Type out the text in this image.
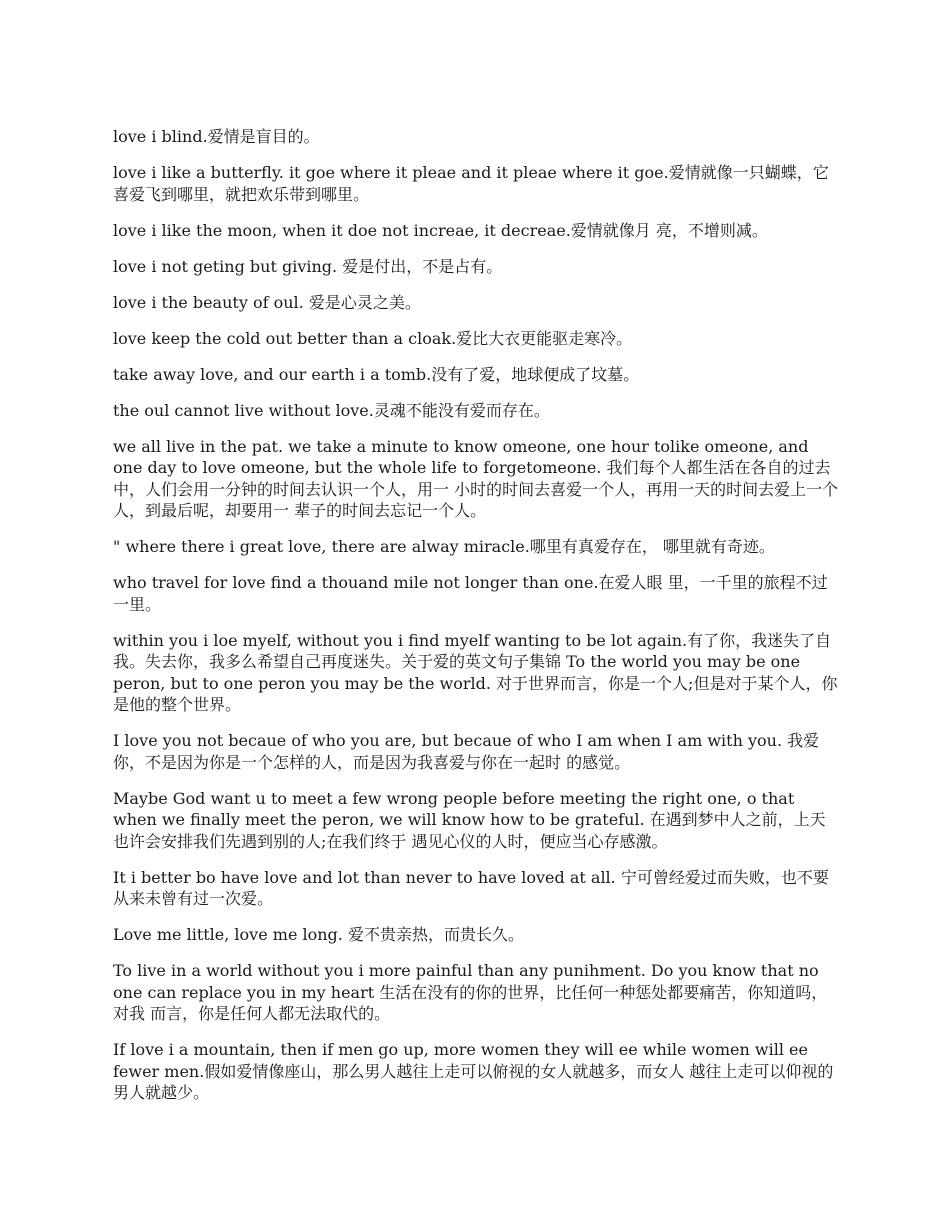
love i blind.爱情是盲目的。

love i like a butterfly. it goe where it pleae and it pleae where it goe.爱情就像一只蝴蝶，它喜爱飞到哪里，就把欢乐带到哪里。

love i like the moon, when it doe not increae, it decreae.爱情就像月 亮，不增则减。

love i not geting but giving. 爱是付出，不是占有。

love i the beauty of oul. 爱是心灵之美。

love keep the cold out better than a cloak.爱比大衣更能驱走寒冷。

take away love, and our earth i a tomb.没有了爱，地球便成了坟墓。

the oul cannot live without love.灵魂不能没有爱而存在。

we all live in the pat. we take a minute to know omeone, one hour tolike omeone, and one day to love omeone, but the whole life to forgetomeone. 我们每个人都生活在各自的过去中，人们会用一分钟的时间去认识一个人，用一 小时的时间去喜爱一个人，再用一天的时间去爱上一个人，到最后呢，却要用一 辈子的时间去忘记一个人。

" where there i great love, there are alway miracle.哪里有真爱存在， 哪里就有奇迹。

who travel for love find a thouand mile not longer than one.在爱人眼 里，一千里的旅程不过一里。

within you i loe myelf, without you i find myelf wanting to be lot again.有了你，我迷失了自我。失去你，我多么希望自己再度迷失。关于爱的英文句子集锦 To the world you may be one peron, but to one peron you may be the world. 对于世界而言，你是一个人;但是对于某个人，你是他的整个世界。

I love you not becaue of who you are, but becaue of who I am when I am with you. 我爱你，不是因为你是一个怎样的人，而是因为我喜爱与你在一起时 的感觉。

Maybe God want u to meet a few wrong people before meeting the right one, o that when we finally meet the peron, we will know how to be grateful. 在遇到梦中人之前，上天也许会安排我们先遇到别的人;在我们终于 遇见心仪的人时，便应当心存感激。

It i better bo have love and lot than never to have loved at all. 宁可曾经爱过而失败，也不要从来未曾有过一次爱。

Love me little, love me long. 爱不贵亲热，而贵长久。

To live in a world without you i more painful than any punihment. Do you know that no one can replace you in my heart 生活在没有的你的世界，比任何一种惩处都要痛苦，你知道吗，对我 而言，你是任何人都无法取代的。

If love i a mountain, then if men go up, more women they will ee while women will ee fewer men.假如爱情像座山，那么男人越往上走可以俯视的女人就越多，而女人 越往上走可以仰视的男人就越少。
